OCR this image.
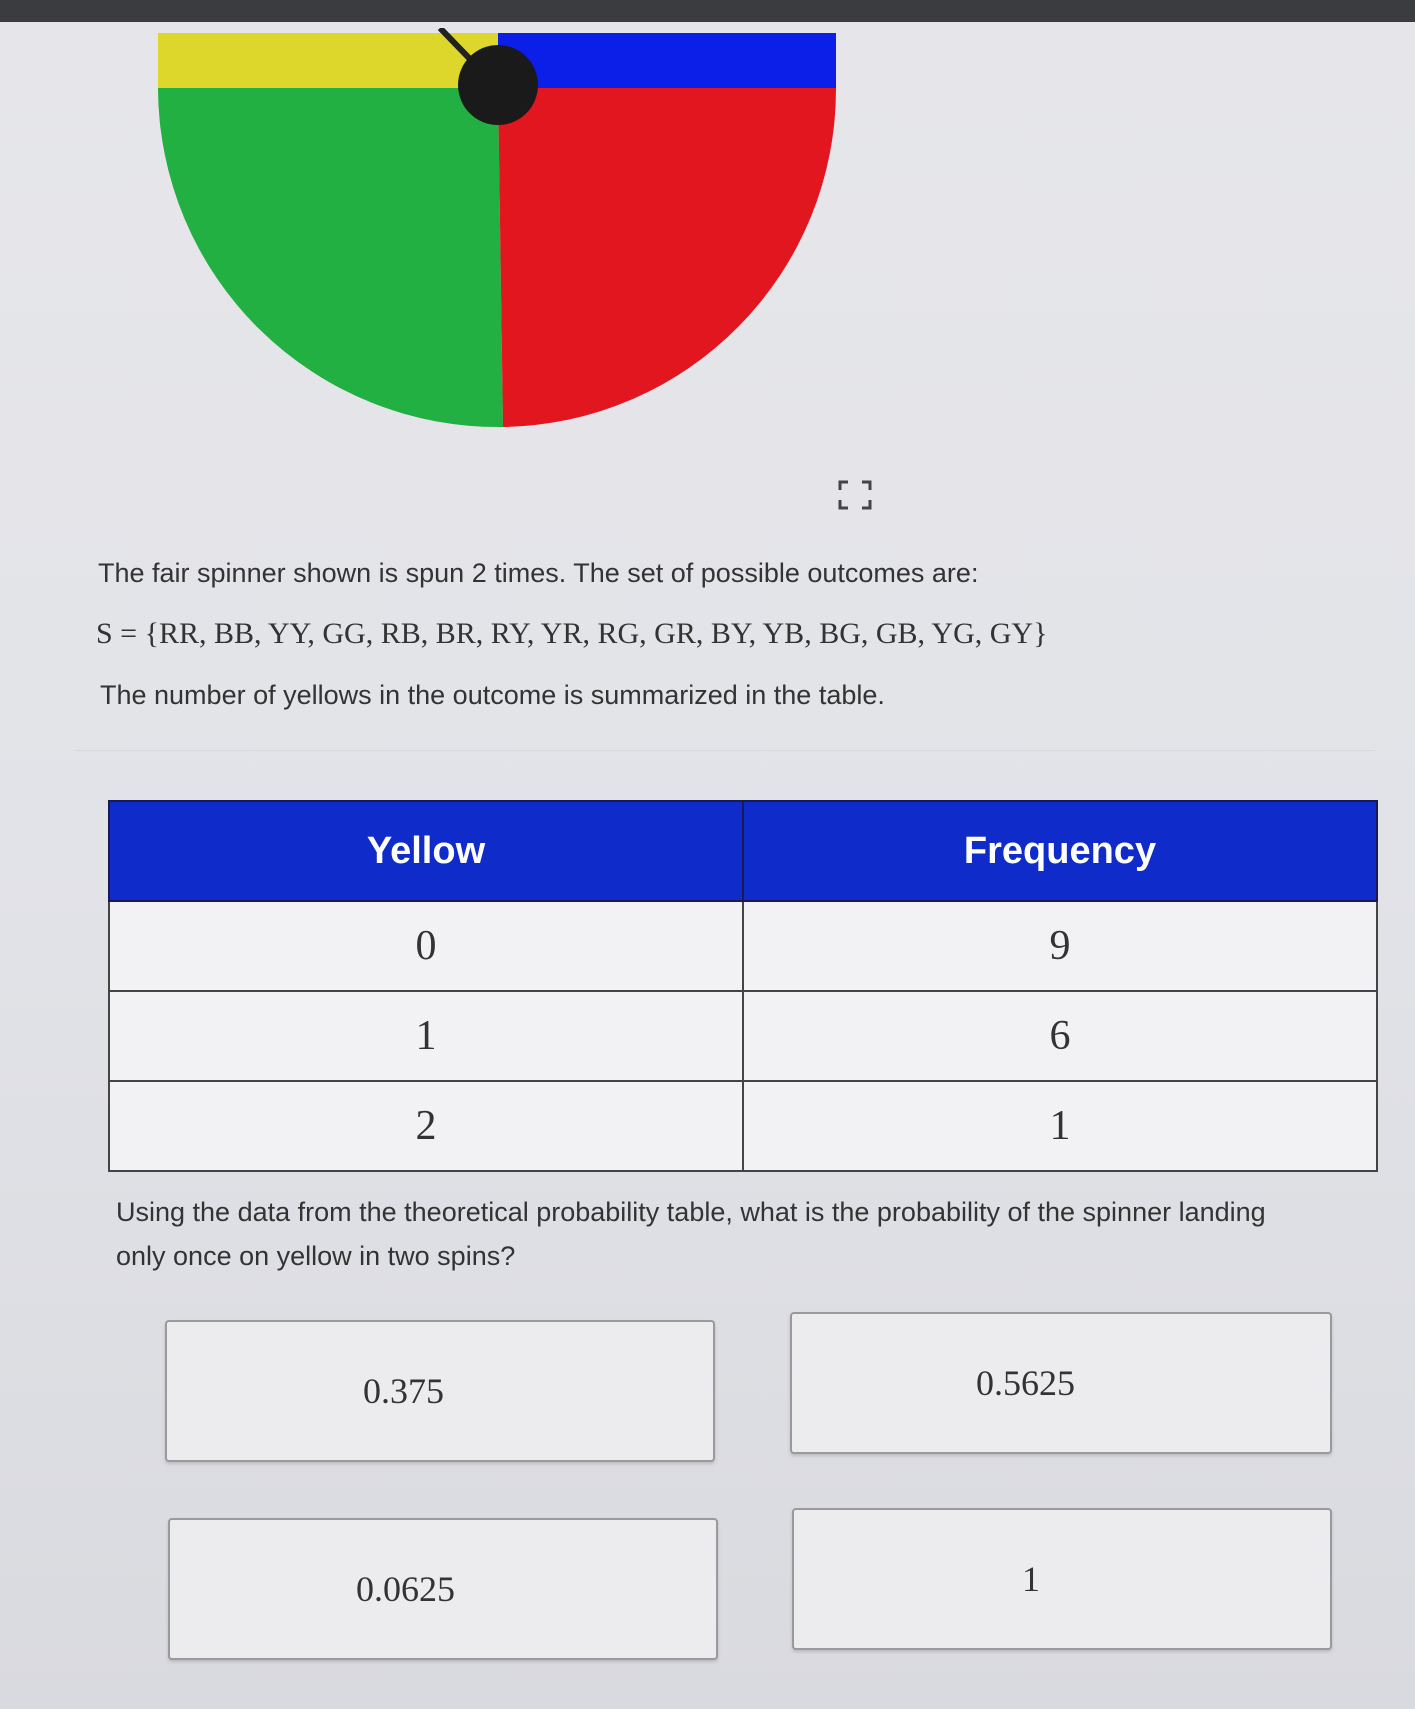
The fair spinner shown is spun 2 times. The set of possible outcomes are:
S = {RR, BB, YY, GG, RB, BR, RY, YR, RG, GR, BY, YB, BG, GB, YG, GY}
The number of yellows in the outcome is summarized in the table.
Yellow	Frequency
0	9
1	6
2	1
Using the data from the theoretical probability table, what is the probability of the spinner landing only once on yellow in two spins?
0.375	0.5625
0.0625	1
